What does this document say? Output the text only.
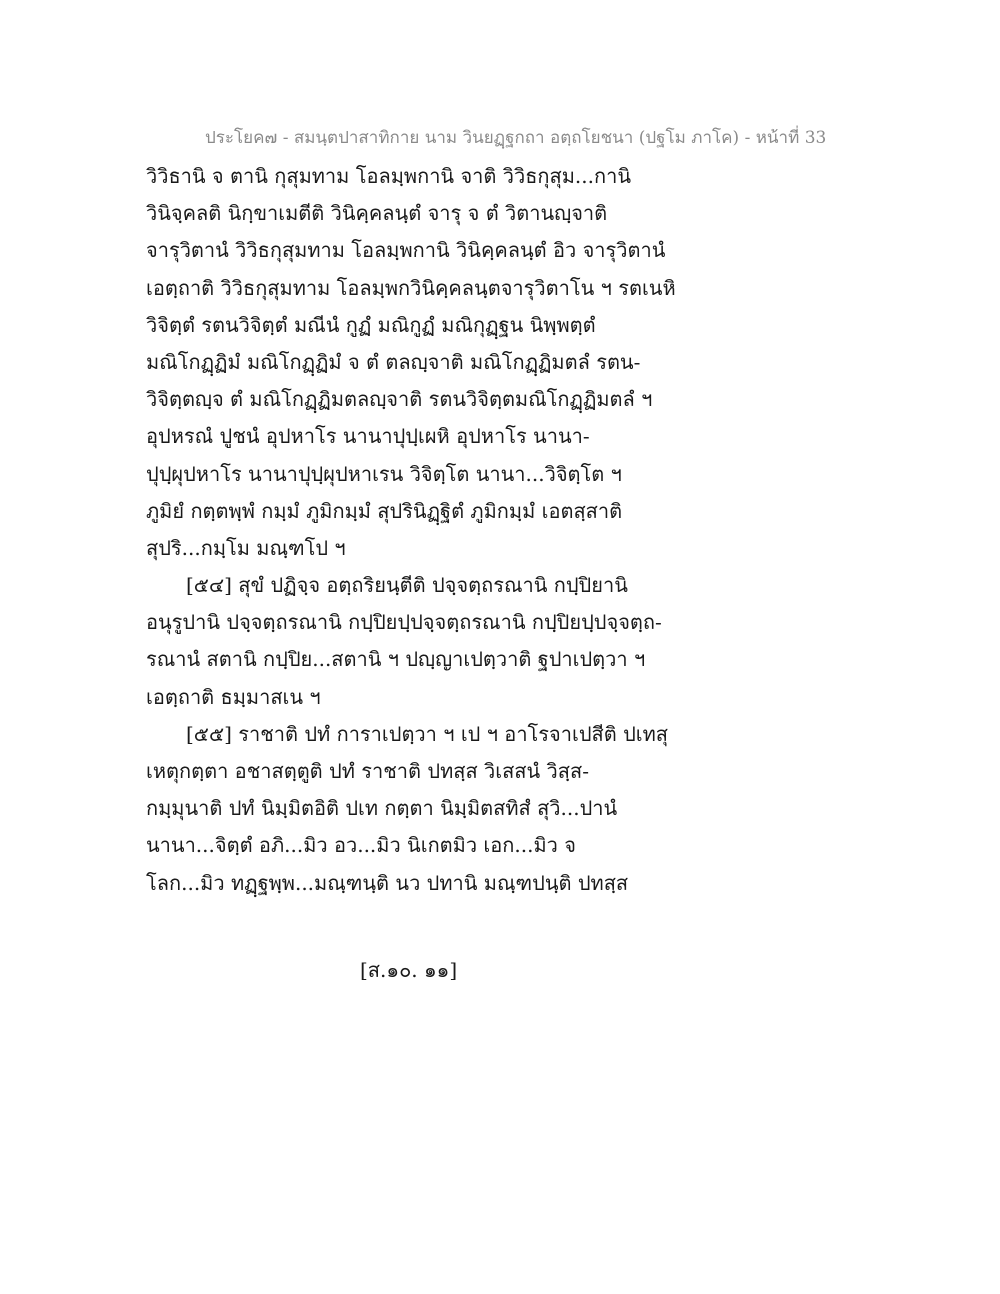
ประโยค๗ - สมนฺตปาสาทิกาย นาม วินยฏฺฐกถา อตฺถโยชนา (ปฐโม ภาโค) - หน้าที่ 33
วิวิธานิ จ ตานิ กุสุมทาม โอลมฺพกานิ จาติ วิวิธกุสุม...กานิ
วินิจฺคลติ นิกฺขาเมตีติ วินิคฺคลนฺตํ จารุ จ ตํ วิตานญฺจาติ
จารุวิตานํ วิวิธกุสุมทาม โอลมฺพกานิ วินิคฺคลนฺตํ อิว จารุวิตานํ
เอตฺถาติ วิวิธกุสุมทาม โอลมฺพกวินิคฺคลนฺตจารุวิตาโน ฯ รตเนหิ
วิจิตฺตํ รตนวิจิตฺตํ มณีนํ กูฏํ มณิกูฏํ มณิกุฏฺฐน นิพฺพตฺตํ
มณิโกฏฺฏิมํ มณิโกฏฺฏิมํ จ ตํ ตลญฺจาติ มณิโกฏฺฏิมตลํ รตน-
วิจิตฺตญฺจ ตํ มณิโกฏฺฏิมตลญฺจาติ รตนวิจิตฺตมณิโกฏฺฏิมตลํ ฯ
อุปหรณํ ปูชนํ อุปหาโร นานาปุปฺเผหิ อุปหาโร นานา-
ปุปฺผุปหาโร นานาปุปฺผุปหาเรน วิจิตฺโต นานา...วิจิตฺโต ฯ
ภูมิยํ กตฺตพฺพํ กมฺมํ ภูมิกมฺมํ สุปรินิฏฺฐิตํ ภูมิกมฺมํ เอตสฺสาติ
สุปริ...กมฺโม มณฺฑโป ฯ
[๕๔] สุขํ ปฏิจฺจ อตฺถริยนฺตีติ ปจฺจตฺถรณานิ กปฺปิยานิ
อนุรูปานิ ปจฺจตฺถรณานิ กปฺปิยปฺปจฺจตฺถรณานิ กปฺปิยปฺปจฺจตฺถ-
รณานํ สตานิ กปฺปิย...สตานิ ฯ ปญฺญาเปตฺวาติ ฐปาเปตฺวา ฯ
เอตฺถาติ ธมฺมาสเน ฯ
[๕๕] ราชาติ ปทํ การาเปตฺวา ฯ เป ฯ อาโรจาเปสีติ ปเทสุ
เหตุกตฺตา อชาสตฺตูติ ปทํ ราชาติ ปทสฺส วิเสสนํ วิสฺส-
กมฺมุนาติ ปทํ นิมฺมิตอิติ ปเท กตฺตา นิมฺมิตสทิสํ สุวิ...ปานํ
นานา...จิตฺตํ อภิ...มิว อว...มิว นิเกตมิว เอก...มิว จ
โลก...มิว ทฏฺฐพฺพ...มณฺฑนฺติ นว ปทานิ มณฺฑปนฺติ ปทสฺส
[ส.๑๐. ๑๑]
